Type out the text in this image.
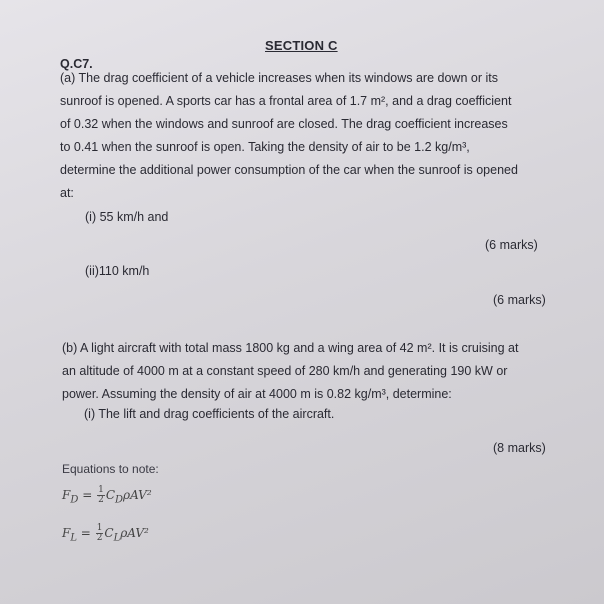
SECTION C
Q.C7.
(a) The drag coefficient of a vehicle increases when its windows are down or its
sunroof is opened. A sports car has a frontal area of 1.7 m², and a drag coefficient
of 0.32 when the windows and sunroof are closed. The drag coefficient increases
to 0.41 when the sunroof is open. Taking the density of air to be 1.2 kg/m³,
determine the additional power consumption of the car when the sunroof is opened
at:
(i) 55 km/h and
(6 marks)
(ii)110 km/h
(6 marks)
(b) A light aircraft with total mass 1800 kg and a wing area of 42 m². It is cruising at
an altitude of 4000 m at a constant speed of 280 km/h and generating 190 kW or
power. Assuming the density of air at 4000 m is 0.82 kg/m³, determine:
(i) The lift and drag coefficients of the aircraft.
(8 marks)
Equations to note:
$F_D = \frac{1}{2} C_D\rho AV^2$
$F_L = \frac{1}{2} C_L\rho AV^2$
